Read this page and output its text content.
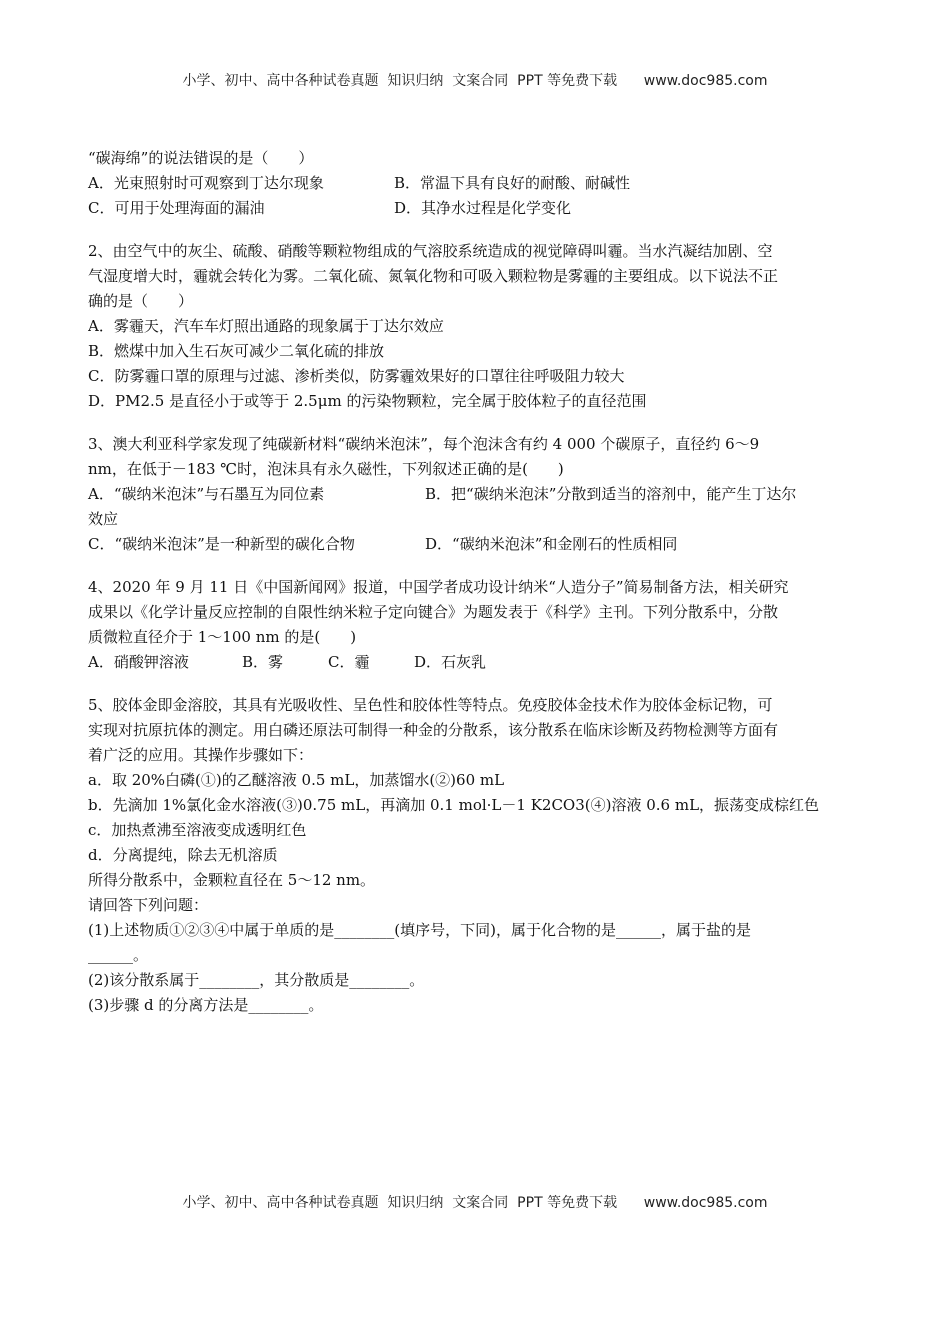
小学、初中、高中各种试卷真题  知识归纳  文案合同  PPT 等免费下载      www.doc985.com
“碳海绵”的说法错误的是（　　）
A．光束照射时可观察到丁达尔现象	B．常温下具有良好的耐酸、耐碱性
C．可用于处理海面的漏油	D．其净水过程是化学变化
2、由空气中的灰尘、硫酸、硝酸等颗粒物组成的气溶胶系统造成的视觉障碍叫霾。当水汽凝结加剧、空
气湿度增大时，霾就会转化为雾。二氧化硫、氮氧化物和可吸入颗粒物是雾霾的主要组成。以下说法不正
确的是（　　）
A．雾霾天，汽车车灯照出通路的现象属于丁达尔效应
B．燃煤中加入生石灰可减少二氧化硫的排放
C．防雾霾口罩的原理与过滤、渗析类似，防雾霾效果好的口罩往往呼吸阻力较大
D．PM2.5 是直径小于或等于 2.5μm 的污染物颗粒，完全属于胶体粒子的直径范围
3、澳大利亚科学家发现了纯碳新材料“碳纳米泡沫”，每个泡沫含有约 4 000 个碳原子，直径约 6～9
nm，在低于－183 ℃时，泡沫具有永久磁性，下列叙述正确的是(　　)
A．“碳纳米泡沫”与石墨互为同位素	B．把“碳纳米泡沫”分散到适当的溶剂中，能产生丁达尔
效应
C．“碳纳米泡沫”是一种新型的碳化合物	D．“碳纳米泡沫”和金刚石的性质相同
4、2020 年 9 月 11 日《中国新闻网》报道，中国学者成功设计纳米“人造分子”简易制备方法，相关研究
成果以《化学计量反应控制的自限性纳米粒子定向键合》为题发表于《科学》主刊。下列分散系中，分散
质微粒直径介于 1～100 nm 的是(　　)
A．硝酸钾溶液	B．雾	C．霾	D．石灰乳
5、胶体金即金溶胶，其具有光吸收性、呈色性和胶体性等特点。免疫胶体金技术作为胶体金标记物，可
实现对抗原抗体的测定。用白磷还原法可制得一种金的分散系，该分散系在临床诊断及药物检测等方面有
着广泛的应用。其操作步骤如下：
a．取 20%白磷(①)的乙醚溶液 0.5 mL，加蒸馏水(②)60 mL
b．先滴加 1%氯化金水溶液(③)0.75 mL，再滴加 0.1 mol·L－1 K2CO3(④)溶液 0.6 mL，振荡变成棕红色
c．加热煮沸至溶液变成透明红色
d．分离提纯，除去无机溶质
所得分散系中，金颗粒直径在 5～12 nm。
请回答下列问题：
(1)上述物质①②③④中属于单质的是________(填序号，下同)，属于化合物的是______，属于盐的是
______。
(2)该分散系属于________，其分散质是________。
(3)步骤 d 的分离方法是________。
小学、初中、高中各种试卷真题  知识归纳  文案合同  PPT 等免费下载      www.doc985.com
